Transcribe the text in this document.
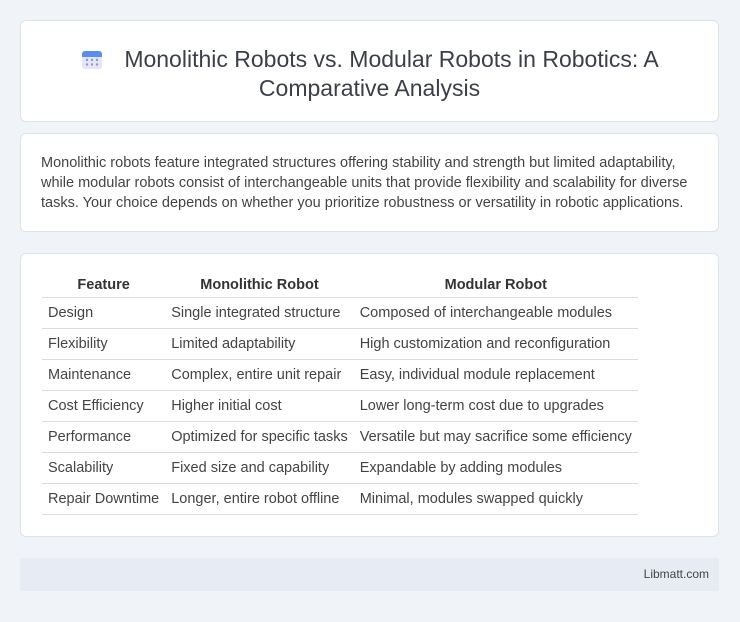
Monolithic Robots vs. Modular Robots in Robotics: A Comparative Analysis

Monolithic robots feature integrated structures offering stability and strength but limited adaptability, while modular robots consist of interchangeable units that provide flexibility and scalability for diverse tasks. Your choice depends on whether you prioritize robustness or versatility in robotic applications.

Feature	Monolithic Robot	Modular Robot
Design	Single integrated structure	Composed of interchangeable modules
Flexibility	Limited adaptability	High customization and reconfiguration
Maintenance	Complex, entire unit repair	Easy, individual module replacement
Cost Efficiency	Higher initial cost	Lower long-term cost due to upgrades
Performance	Optimized for specific tasks	Versatile but may sacrifice some efficiency
Scalability	Fixed size and capability	Expandable by adding modules
Repair Downtime	Longer, entire robot offline	Minimal, modules swapped quickly
Libmatt.com
